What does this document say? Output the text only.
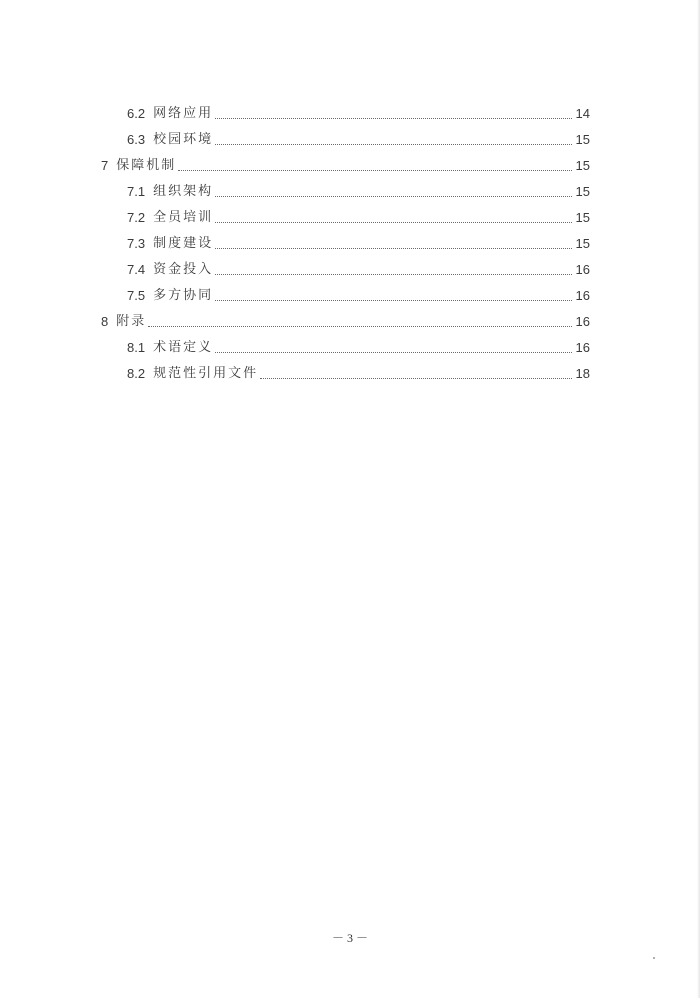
6.2 网络应用	14
6.3 校园环境	15
7 保障机制	15
7.1 组织架构	15
7.2 全员培训	15
7.3 制度建设	15
7.4 资金投入	16
7.5 多方协同	16
8 附录	16
8.1 术语定义	16
8.2 规范性引用文件	18
－ 3 －
